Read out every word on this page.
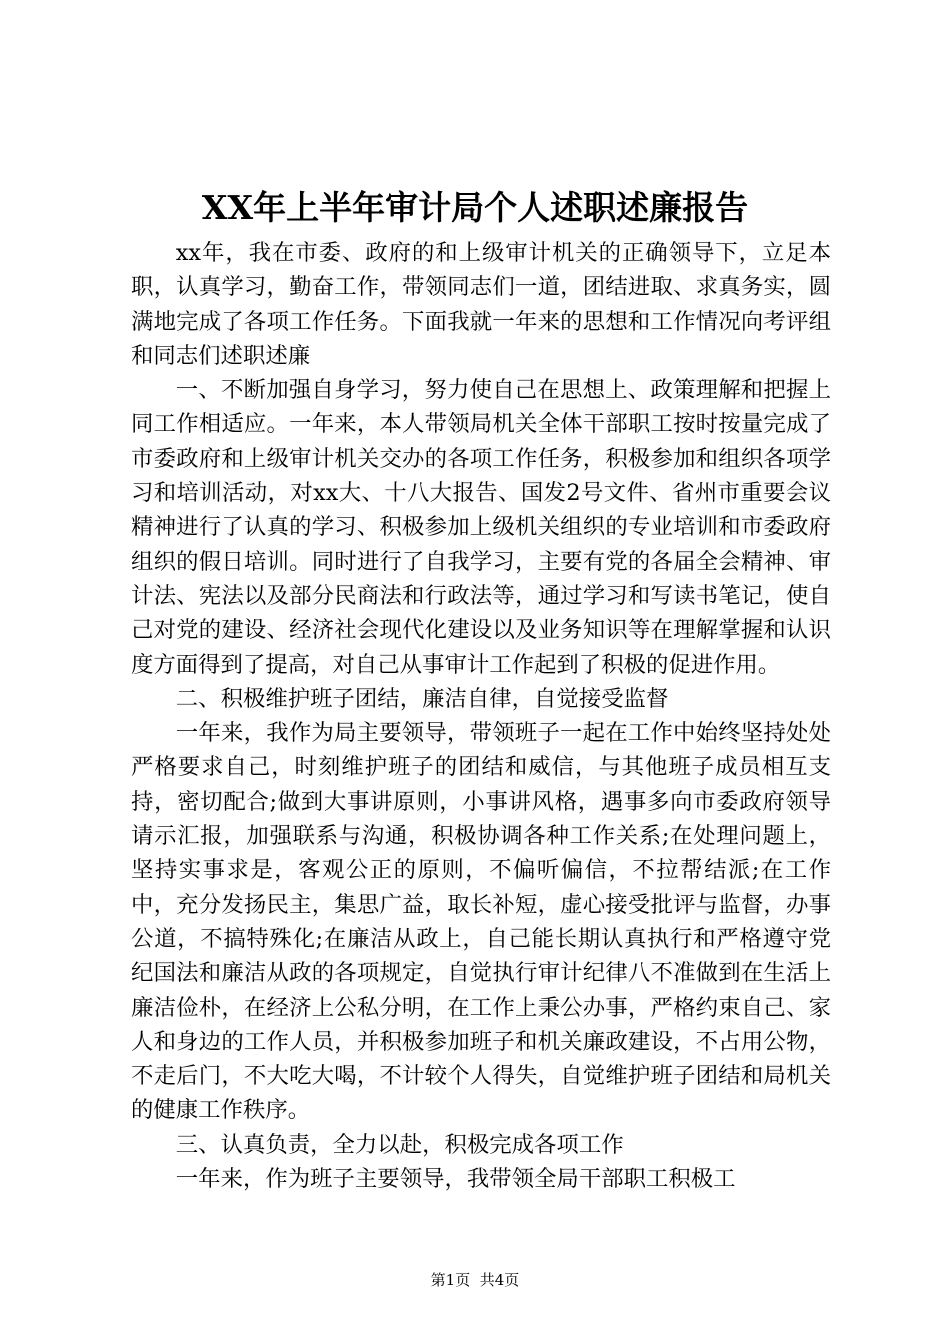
XX年上半年审计局个人述职述廉报告

xx年，我在市委、政府的和上级审计机关的正确领导下，立足本职，认真学习，勤奋工作，带领同志们一道，团结进取、求真务实，圆满地完成了各项工作任务。下面我就一年来的思想和工作情况向考评组和同志们述职述廉

一、不断加强自身学习，努力使自己在思想上、政策理解和把握上同工作相适应。一年来，本人带领局机关全体干部职工按时按量完成了市委政府和上级审计机关交办的各项工作任务，积极参加和组织各项学习和培训活动，对xx大、十八大报告、国发2号文件、省州市重要会议精神进行了认真的学习、积极参加上级机关组织的专业培训和市委政府组织的假日培训。同时进行了自我学习，主要有党的各届全会精神、审计法、宪法以及部分民商法和行政法等，通过学习和写读书笔记，使自己对党的建设、经济社会现代化建设以及业务知识等在理解掌握和认识度方面得到了提高，对自己从事审计工作起到了积极的促进作用。

二、积极维护班子团结，廉洁自律，自觉接受监督

一年来，我作为局主要领导，带领班子一起在工作中始终坚持处处严格要求自己，时刻维护班子的团结和威信，与其他班子成员相互支持，密切配合;做到大事讲原则，小事讲风格，遇事多向市委政府领导请示汇报，加强联系与沟通，积极协调各种工作关系;在处理问题上，坚持实事求是，客观公正的原则，不偏听偏信，不拉帮结派;在工作中，充分发扬民主，集思广益，取长补短，虚心接受批评与监督，办事公道，不搞特殊化;在廉洁从政上，自己能长期认真执行和严格遵守党纪国法和廉洁从政的各项规定，自觉执行审计纪律八不准做到在生活上廉洁俭朴，在经济上公私分明，在工作上秉公办事，严格约束自己、家人和身边的工作人员，并积极参加班子和机关廉政建设，不占用公物，不走后门，不大吃大喝，不计较个人得失，自觉维护班子团结和局机关的健康工作秩序。

三、认真负责，全力以赴，积极完成各项工作

一年来，作为班子主要领导，我带领全局干部职工积极工

第1页 共4页
